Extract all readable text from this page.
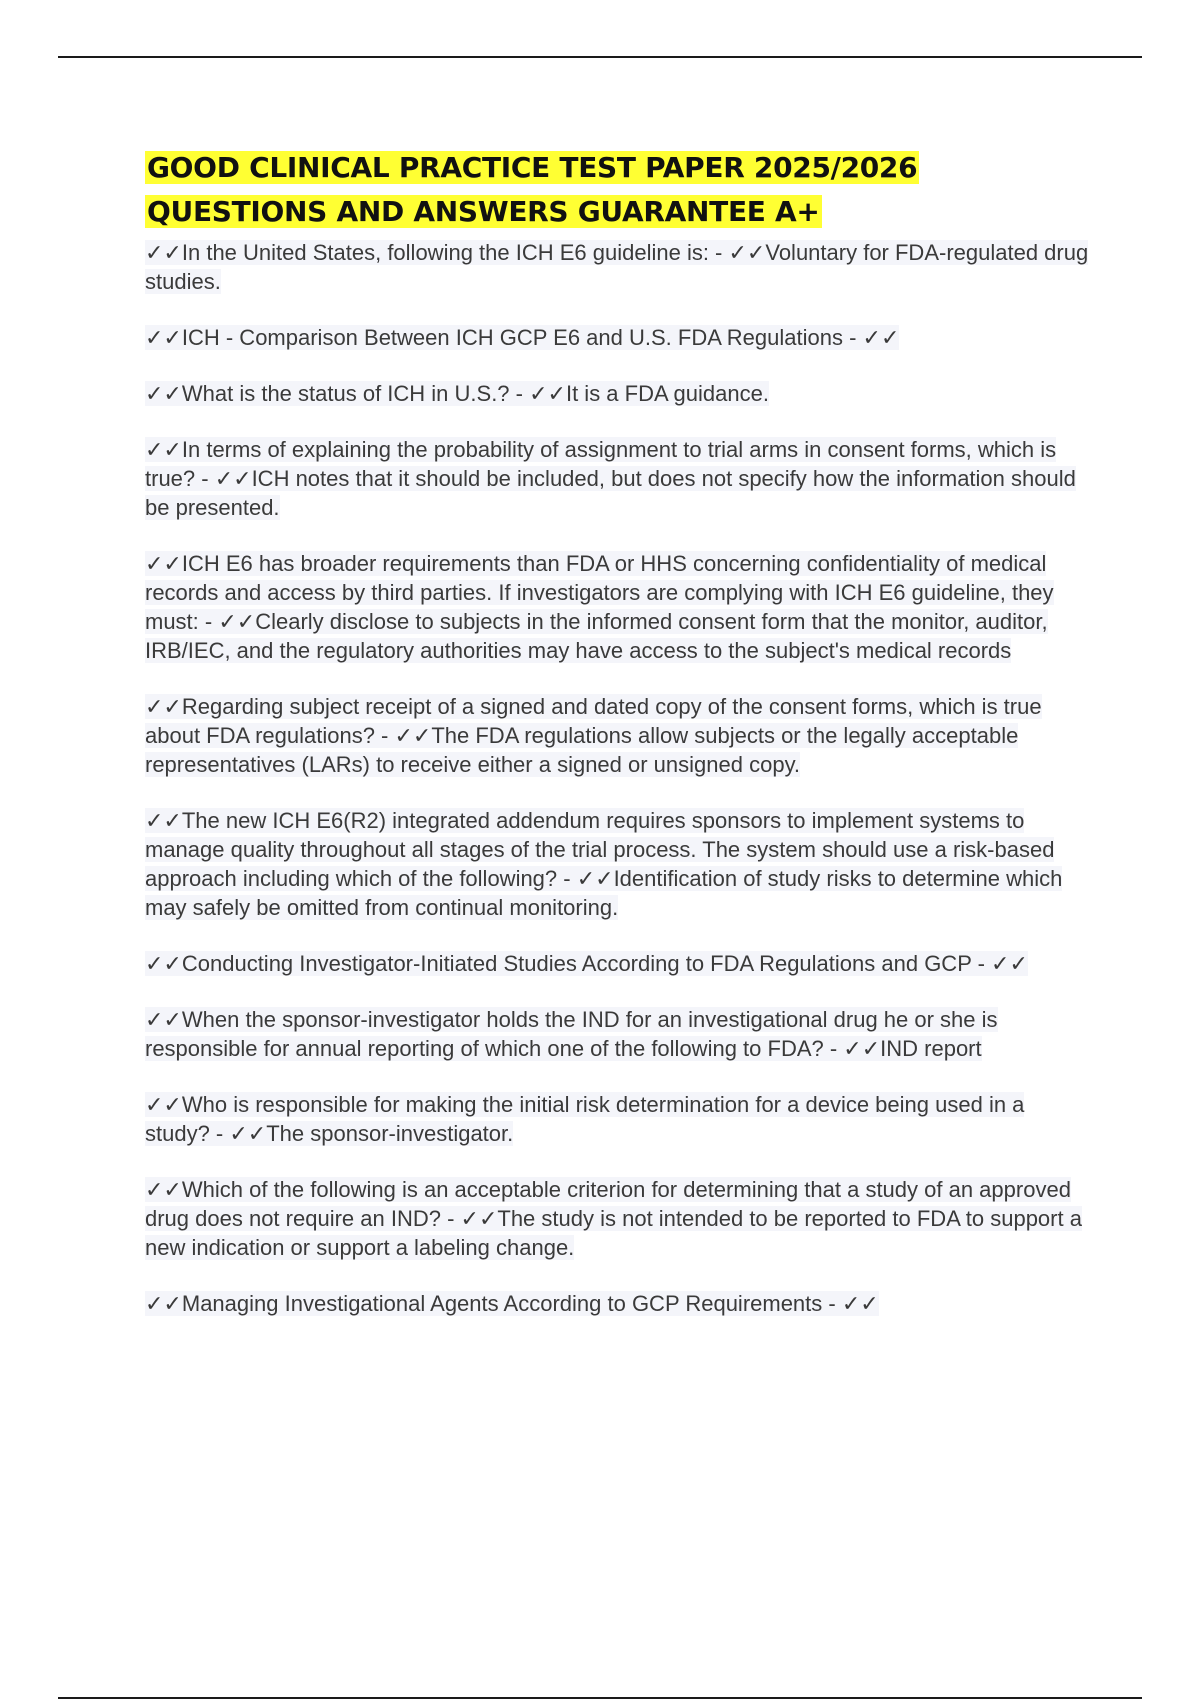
GOOD CLINICAL PRACTICE TEST PAPER 2025/2026 QUESTIONS AND ANSWERS GUARANTEE A+

✓✓In the United States, following the ICH E6 guideline is: - ✓✓Voluntary for FDA-regulated drug studies.

✓✓ICH - Comparison Between ICH GCP E6 and U.S. FDA Regulations - ✓✓

✓✓What is the status of ICH in U.S.? - ✓✓It is a FDA guidance.

✓✓In terms of explaining the probability of assignment to trial arms in consent forms, which is true? - ✓✓ICH notes that it should be included, but does not specify how the information should be presented.

✓✓ICH E6 has broader requirements than FDA or HHS concerning confidentiality of medical records and access by third parties. If investigators are complying with ICH E6 guideline, they must: - ✓✓Clearly disclose to subjects in the informed consent form that the monitor, auditor, IRB/IEC, and the regulatory authorities may have access to the subject's medical records

✓✓Regarding subject receipt of a signed and dated copy of the consent forms, which is true about FDA regulations? - ✓✓The FDA regulations allow subjects or the legally acceptable representatives (LARs) to receive either a signed or unsigned copy.

✓✓The new ICH E6(R2) integrated addendum requires sponsors to implement systems to manage quality throughout all stages of the trial process. The system should use a risk-based approach including which of the following? - ✓✓Identification of study risks to determine which may safely be omitted from continual monitoring.

✓✓Conducting Investigator-Initiated Studies According to FDA Regulations and GCP - ✓✓

✓✓When the sponsor-investigator holds the IND for an investigational drug he or she is responsible for annual reporting of which one of the following to FDA? - ✓✓IND report

✓✓Who is responsible for making the initial risk determination for a device being used in a study? - ✓✓The sponsor-investigator.

✓✓Which of the following is an acceptable criterion for determining that a study of an approved drug does not require an IND? - ✓✓The study is not intended to be reported to FDA to support a new indication or support a labeling change.

✓✓Managing Investigational Agents According to GCP Requirements - ✓✓
